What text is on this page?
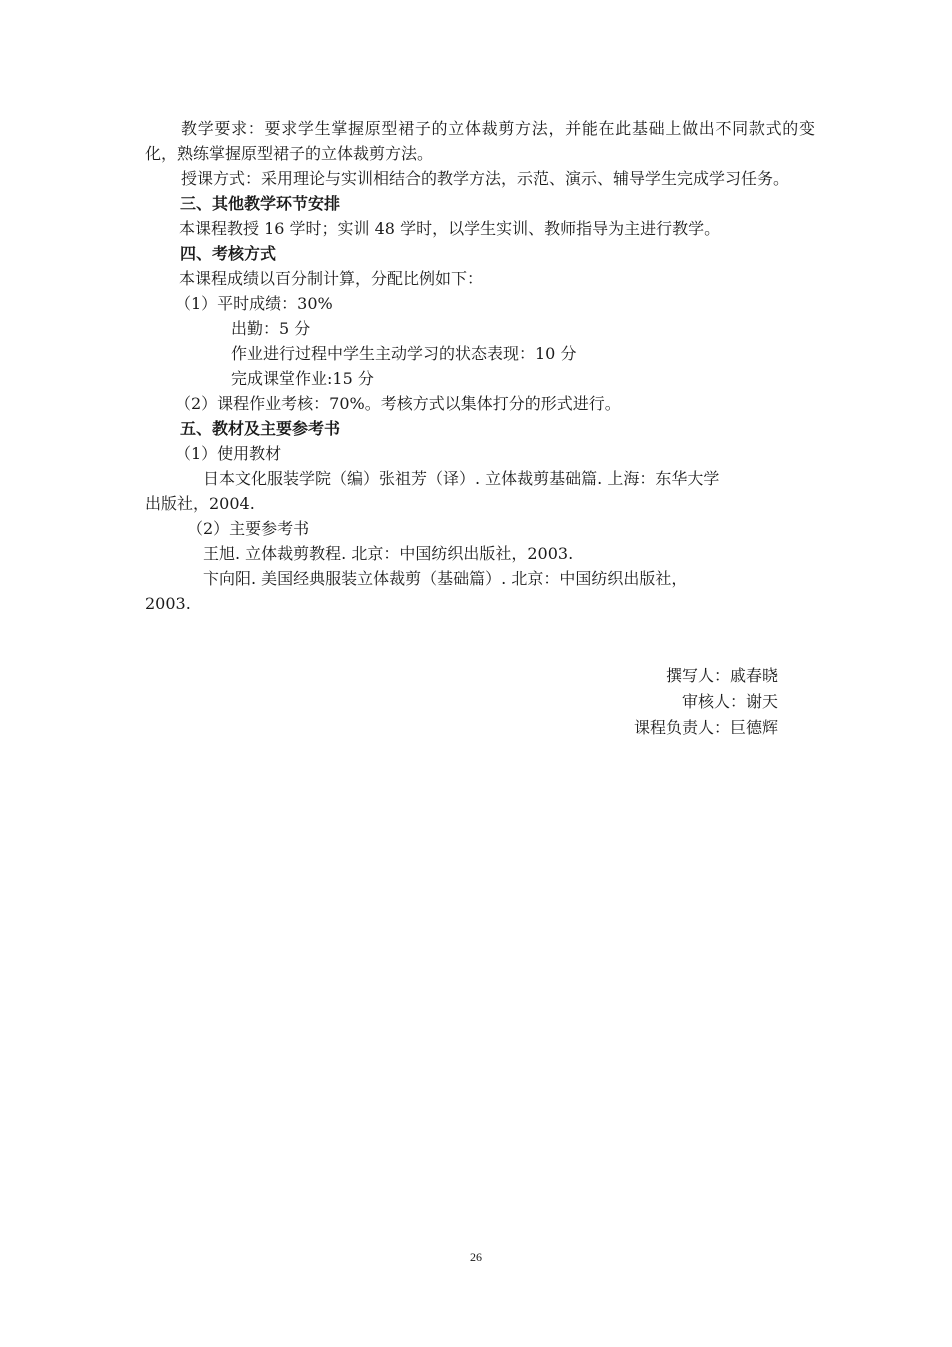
教学要求：要求学生掌握原型裙子的立体裁剪方法，并能在此基础上做出不同款式的变化，熟练掌握原型裙子的立体裁剪方法。

授课方式：采用理论与实训相结合的教学方法，示范、演示、辅导学生完成学习任务。

三、其他教学环节安排

本课程教授 16 学时；实训 48 学时，以学生实训、教师指导为主进行教学。

四、考核方式

本课程成绩以百分制计算，分配比例如下：

（1）平时成绩：30%

出勤：5 分

作业进行过程中学生主动学习的状态表现：10 分

完成课堂作业:15 分

（2）课程作业考核：70%。考核方式以集体打分的形式进行。

五、教材及主要参考书

（1）使用教材

日本文化服装学院（编）张祖芳（译）. 立体裁剪基础篇. 上海：东华大学

出版社，2004.

（2）主要参考书

王旭. 立体裁剪教程. 北京：中国纺织出版社，2003.

卞向阳. 美国经典服装立体裁剪（基础篇）. 北京：中国纺织出版社，

2003.

撰写人：戚春晓

审核人：谢天

课程负责人：巨德辉

26
